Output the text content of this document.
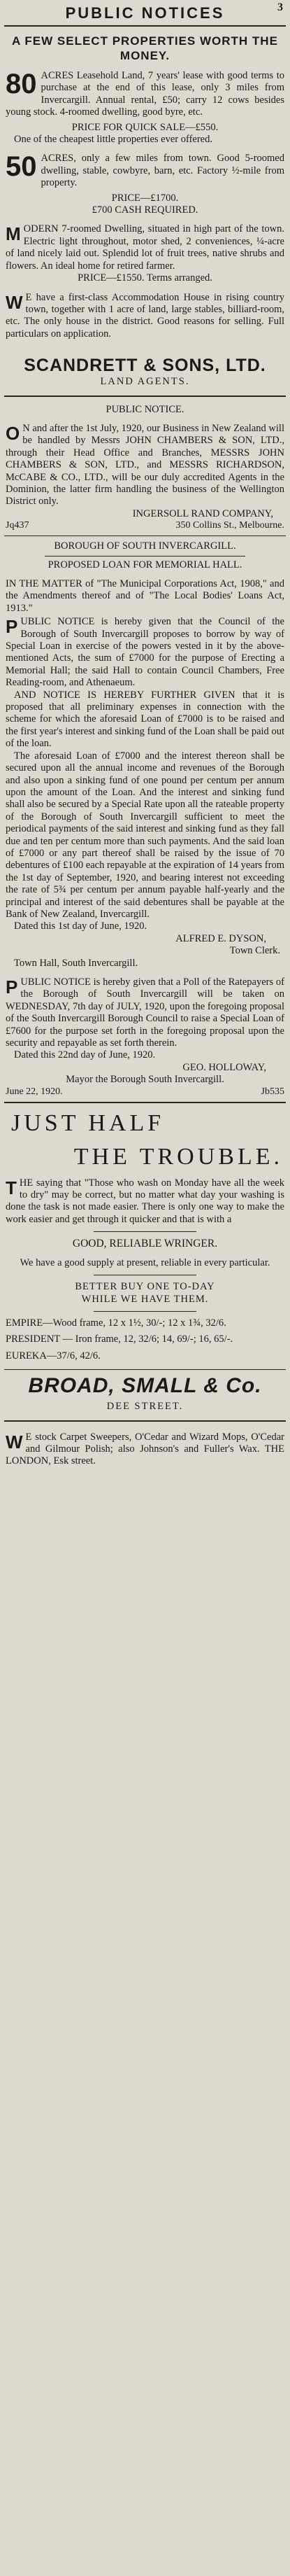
PUBLIC NOTICES	3
A FEW SELECT PROPERTIES WORTH THE MONEY.
80 ACRES Leasehold Land, 7 years' lease with good terms to purchase at the end of this lease, only 3 miles from Invercargill. Annual rental, £50; carry 12 cows besides young stock. 4-roomed dwelling, good byre, etc.
PRICE FOR QUICK SALE—£550.
One of the cheapest little properties ever offered.
50 ACRES, only a few miles from town. Good 5-roomed dwelling, stable, cowbyre, barn, etc. Factory ½-mile from property.
PRICE—£1700.
£700 CASH REQUIRED.
M ODERN 7-roomed Dwelling, situated in high part of the town. Electric light throughout, motor shed, 2 conveniences, ¼-acre of land nicely laid out. Splendid lot of fruit trees, native shrubs and flowers. An ideal home for retired farmer.
PRICE—£1550. Terms arranged.
W E have a first-class Accommodation House in rising country town, together with 1 acre of land, large stables, billiard-room, etc. The only house in the district. Good reasons for selling. Full particulars on application.
SCANDRETT & SONS, LTD.
LAND AGENTS.
PUBLIC NOTICE.
O N and after the 1st July, 1920, our Business in New Zealand will be handled by Messrs JOHN CHAMBERS & SON, LTD., through their Head Office and Branches, MESSRS JOHN CHAMBERS & SON, LTD., and MESSRS RICHARDSON, McCABE & CO., LTD., will be our duly accredited Agents in the Dominion, the latter firm handling the business of the Wellington District only.
INGERSOLL RAND COMPANY,
Jq437	350 Collins St., Melbourne.
BOROUGH OF SOUTH INVERCARGILL.
PROPOSED LOAN FOR MEMORIAL HALL.
IN THE MATTER of "The Municipal Corporations Act, 1908," and the Amendments thereof and of "The Local Bodies' Loans Act, 1913."
P UBLIC NOTICE is hereby given that the Council of the Borough of South Invercargill proposes to borrow by way of Special Loan in exercise of the powers vested in it by the above-mentioned Acts, the sum of £7000 for the purpose of Erecting a Memorial Hall; the said Hall to contain Council Chambers, Free Reading-room, and Athenaeum.
AND NOTICE IS HEREBY FURTHER GIVEN that it is proposed that all preliminary expenses in connection with the scheme for which the aforesaid Loan of £7000 is to be raised and the first year's interest and sinking fund of the Loan shall be paid out of the loan.
The aforesaid Loan of £7000 and the interest thereon shall be secured upon all the annual income and revenues of the Borough and also upon a sinking fund of one pound per centum per annum upon the amount of the Loan. And the interest and sinking fund shall also be secured by a Special Rate upon all the rateable property of the Borough of South Invercargill sufficient to meet the periodical payments of the said interest and sinking fund as they fall due and ten per centum more than such payments. And the said loan of £7000 or any part thereof shall be raised by the issue of 70 debentures of £100 each repayable at the expiration of 14 years from the 1st day of September, 1920, and bearing interest not exceeding the rate of 5¾ per centum per annum payable half-yearly and the principal and interest of the said debentures shall be payable at the Bank of New Zealand, Invercargill.
Dated this 1st day of June, 1920.
ALFRED E. DYSON,
Town Clerk.
Town Hall, South Invercargill.
P UBLIC NOTICE is hereby given that a Poll of the Ratepayers of the Borough of South Invercargill will be taken on WEDNESDAY, 7th day of JULY, 1920, upon the foregoing proposal of the South Invercargill Borough Council to raise a Special Loan of £7600 for the purpose set forth in the foregoing proposal upon the security and repayable as set forth therein.
Dated this 22nd day of June, 1920.
GEO. HOLLOWAY,
Mayor the Borough South Invercargill.
June 22, 1920.	Jb535
JUST HALF
THE TROUBLE.
T HE saying that "Those who wash on Monday have all the week to dry" may be correct, but no matter what day your washing is done the task is not made easier. There is only one way to make the work easier and get through it quicker and that is with a
GOOD, RELIABLE WRINGER.
We have a good supply at present, reliable in every particular.
BETTER BUY ONE TO-DAY
WHILE WE HAVE THEM.
EMPIRE—Wood frame, 12 x 1½, 30/-; 12 x 1¾, 32/6.
PRESIDENT — Iron frame, 12, 32/6; 14, 69/-; 16, 65/-.
EUREKA—37/6, 42/6.
BROAD, SMALL & Co.
DEE STREET.
W E stock Carpet Sweepers, O'Cedar and Wizard Mops, O'Cedar and Gilmour Polish; also Johnson's and Fuller's Wax. THE LONDON, Esk street.
